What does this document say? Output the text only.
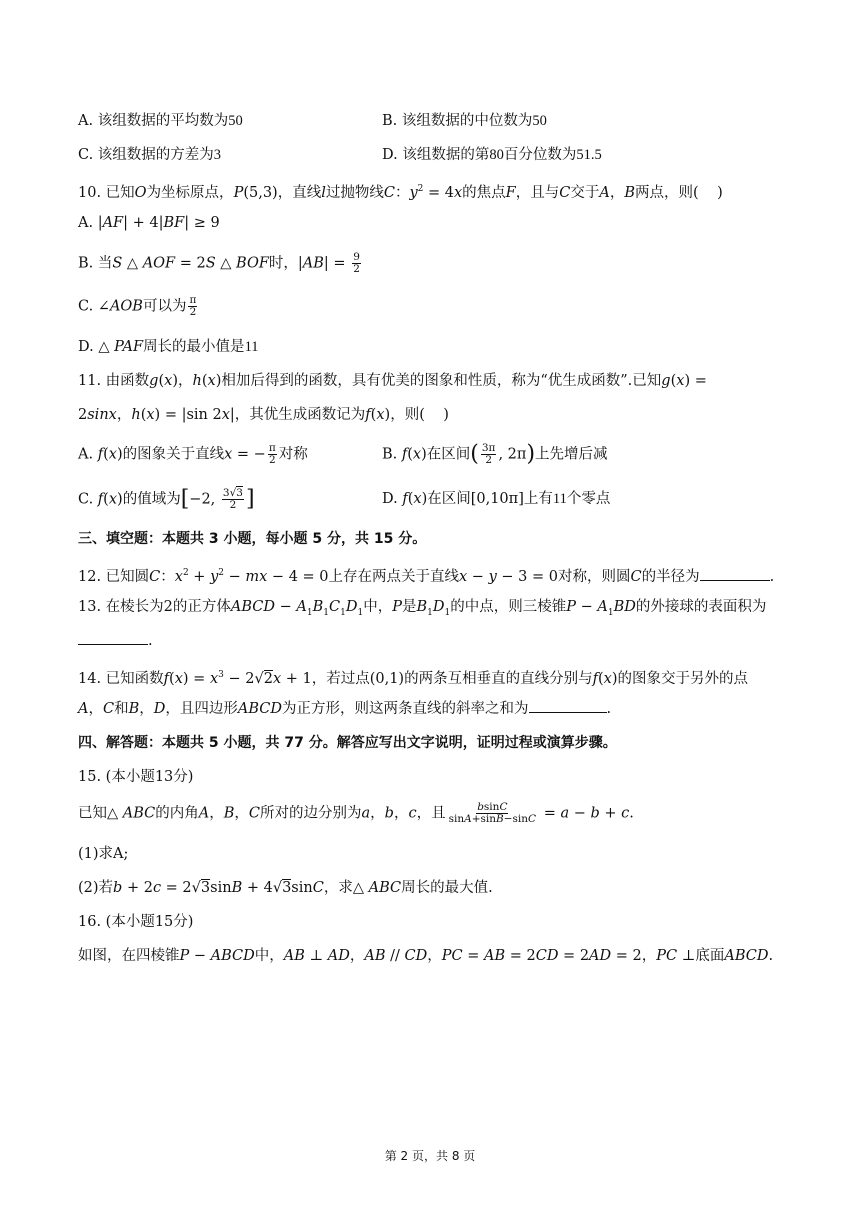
A. 该组数据的平均数为50	B. 该组数据的中位数为50
C. 该组数据的方差为3	D. 该组数据的第80百分位数为51.5
10. 已知O为坐标原点，P(5,3)，直线l过抛物线C：$y^2 = 4x$的焦点F，且与C交于A，B两点，则(    )
A. |AF| + 4|BF| ≥ 9
B. 当S △ AOF = 2S △ BOF时，$|AB| = \frac{9}{2}$
C. ∠AOB可以为 $\frac{\pi}{2}$
D. △ PAF周长的最小值是11
11. 由函数g(x)，h(x)相加后得到的函数，具有优美的图象和性质，称为“优生成函数”.已知g(x) =
2sinx，h(x) = |sin 2x|，其优生成函数记为f(x)，则(    )
A. f(x)的图象关于直线x = − $\frac{\pi}{2}$ 对称	B. f(x)在区间( $\frac{3\pi}{2}$ , 2π)上先增后减
C. f(x)的值域为[−2, $\frac{3√3}{2}$ ]	D. f(x)在区间[0,10π]上有11个零点
三、填空题：本题共 3 小题，每小题 5 分，共 15 分。
12. 已知圆C：$x^2 + y^2$ − mx − 4 = 0上存在两点关于直线x − y − 3 = 0对称，则圆C的半径为	.
13. 在棱长为2的正方体ABCD − $A_1B_1C_1D_1$中，P是$B_1D_1$的中点，则三棱锥$P - A_1BD$的外接球的表面积为
.
14. 已知函数$f(x) = x^3 - 2√2x + 1$，若过点(0,1)的两条互相垂直的直线分别与f(x)的图象交于另外的点
A，C和B，D，且四边形ABCD为正方形，则这两条直线的斜率之和为	.
四、解答题：本题共 5 小题，共 77 分。解答应写出文字说明，证明过程或演算步骤。
15. (本小题13分)
已知△ ABC的内角A，B，C所对的边分别为a，b，c，且 $\frac{bsinC}{\sin A+\sin B-\sin C} = a - b + c$.
(1)求A;
(2)若b + 2c = 2√3sinB + 4√3sinC，求△ ABC周长的最大值.
16. (本小题15分)
如图，在四棱锥P − ABCD中，AB ⊥ AD，AB // CD，PC = AB = 2CD = 2AD = 2，PC ⊥底面ABCD.
第 2 页，共 8 页
